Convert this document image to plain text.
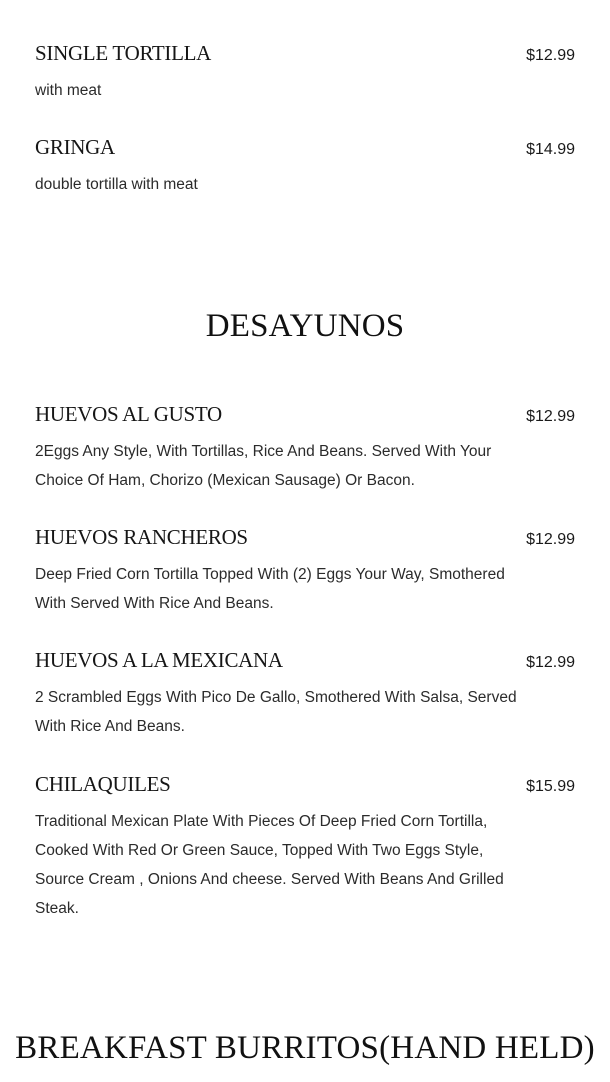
SINGLE TORTILLA	$12.99
with meat
GRINGA	$14.99
double tortilla with meat
DESAYUNOS
HUEVOS AL GUSTO	$12.99
2Eggs Any Style, With Tortillas, Rice And Beans. Served With Your Choice Of Ham, Chorizo (Mexican Sausage) Or Bacon.
HUEVOS RANCHEROS	$12.99
Deep Fried Corn Tortilla Topped With (2) Eggs Your Way, Smothered With Served With Rice And Beans.
HUEVOS A LA MEXICANA	$12.99
2 Scrambled Eggs With Pico De Gallo, Smothered With Salsa, Served With Rice And Beans.
CHILAQUILES	$15.99
Traditional Mexican Plate With Pieces Of Deep Fried Corn Tortilla, Cooked With Red Or Green Sauce, Topped With Two Eggs Style, Source Cream , Onions And cheese. Served With Beans And Grilled Steak.
BREAKFAST BURRITOS(HAND HELD)
